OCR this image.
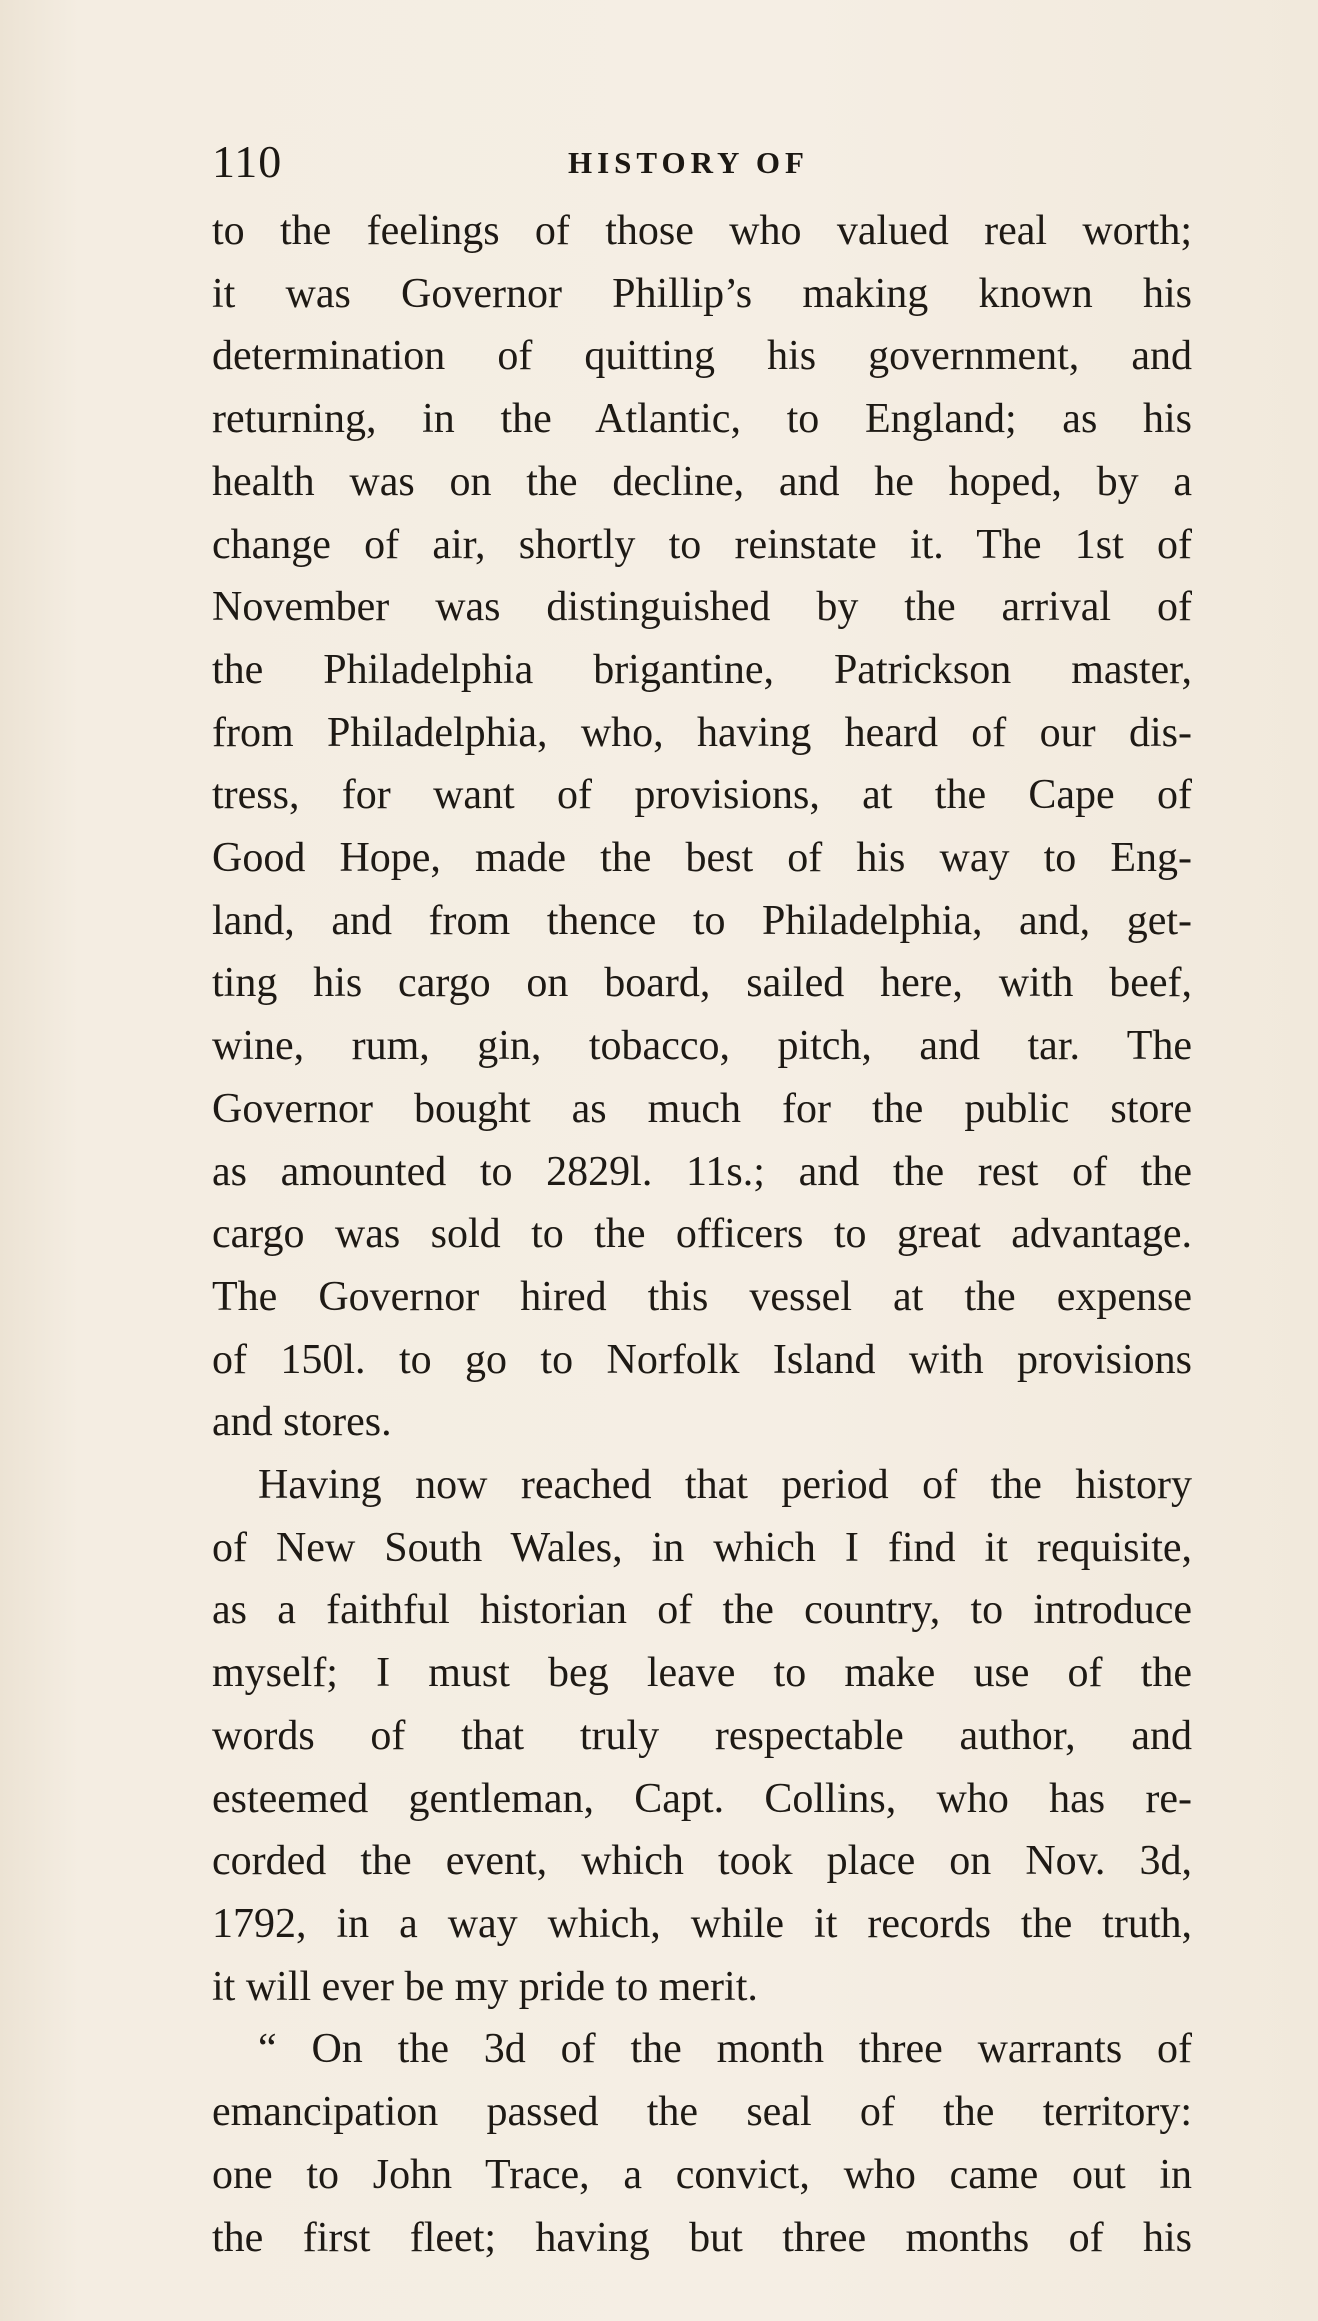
110	HISTORY OF
to the feelings of those who valued real worth;
it was Governor Phillip’s making known his
determination of quitting his government, and
returning, in the Atlantic, to England; as his
health was on the decline, and he hoped, by a
change of air, shortly to reinstate it. The 1st of
November was distinguished by the arrival of
the Philadelphia brigantine, Patrickson master,
from Philadelphia, who, having heard of our dis-
tress, for want of provisions, at the Cape of
Good Hope, made the best of his way to Eng-
land, and from thence to Philadelphia, and, get-
ting his cargo on board, sailed here, with beef,
wine, rum, gin, tobacco, pitch, and tar. The
Governor bought as much for the public store
as amounted to 2829l. 11s.; and the rest of the
cargo was sold to the officers to great advantage.
The Governor hired this vessel at the expense
of 150l. to go to Norfolk Island with provisions
and stores.
Having now reached that period of the history
of New South Wales, in which I find it requisite,
as a faithful historian of the country, to introduce
myself; I must beg leave to make use of the
words of that truly respectable author, and
esteemed gentleman, Capt. Collins, who has re-
corded the event, which took place on Nov. 3d,
1792, in a way which, while it records the truth,
it will ever be my pride to merit.
“ On the 3d of the month three warrants of
emancipation passed the seal of the territory:
one to John Trace, a convict, who came out in
the first fleet; having but three months of his
